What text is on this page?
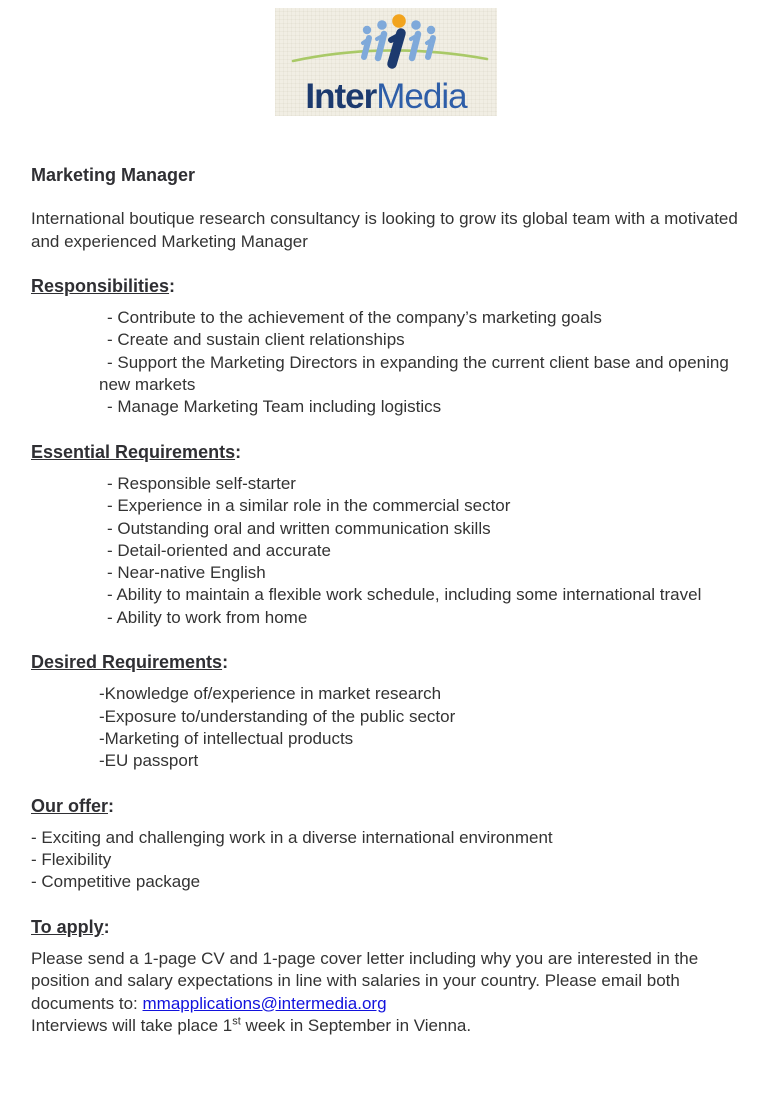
InterMedia
Marketing Manager
International boutique research consultancy is looking to grow its global team with a motivated and experienced Marketing Manager
Responsibilities:
- Contribute to the achievement of the company’s marketing goals
- Create and sustain client relationships
- Support the Marketing Directors in expanding the current client base and opening new markets
- Manage Marketing Team including logistics
Essential Requirements:
- Responsible self-starter
- Experience in a similar role in the commercial sector
- Outstanding oral and written communication skills
- Detail-oriented and accurate
- Near-native English
- Ability to maintain a flexible work schedule, including some international travel
- Ability to work from home
Desired Requirements:
-Knowledge of/experience in market research
-Exposure to/understanding of the public sector
-Marketing of intellectual products
-EU passport
Our offer:
- Exciting and challenging work in a diverse international environment
- Flexibility
- Competitive package
To apply:
Please send a 1-page CV and 1-page cover letter including why you are interested in the position and salary expectations in line with salaries in your country. Please email both documents to: mmapplications@intermedia.org
Interviews will take place 1st week in September in Vienna.
